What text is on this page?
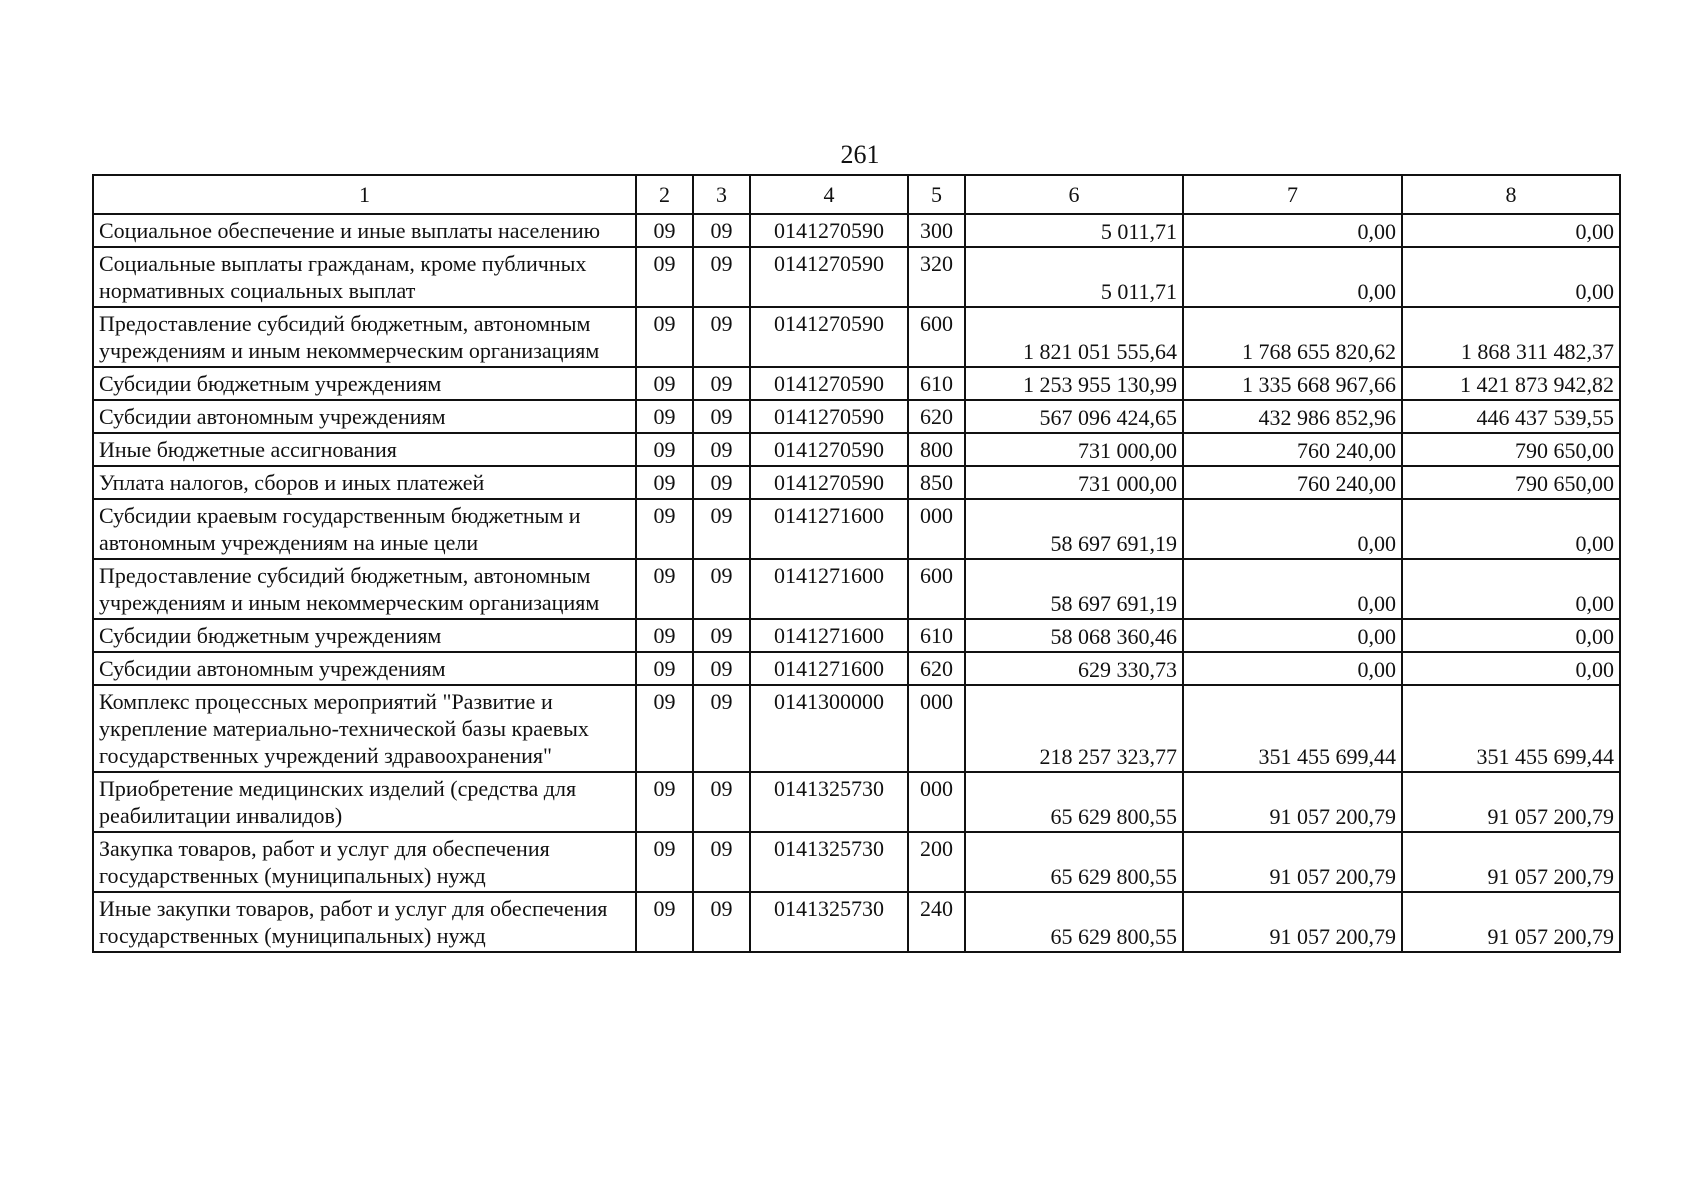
261
1	2	3	4	5	6	7	8
Социальное обеспечение и иные выплаты населению	09	09	0141270590	300	5 011,71	0,00	0,00
Социальные выплаты гражданам, кроме публичных нормативных социальных выплат	09	09	0141270590	320	5 011,71	0,00	0,00
Предоставление субсидий бюджетным, автономным учреждениям и иным некоммерческим организациям	09	09	0141270590	600	1 821 051 555,64	1 768 655 820,62	1 868 311 482,37
Субсидии бюджетным учреждениям	09	09	0141270590	610	1 253 955 130,99	1 335 668 967,66	1 421 873 942,82
Субсидии автономным учреждениям	09	09	0141270590	620	567 096 424,65	432 986 852,96	446 437 539,55
Иные бюджетные ассигнования	09	09	0141270590	800	731 000,00	760 240,00	790 650,00
Уплата налогов, сборов и иных платежей	09	09	0141270590	850	731 000,00	760 240,00	790 650,00
Субсидии краевым государственным бюджетным и автономным учреждениям на иные цели	09	09	0141271600	000	58 697 691,19	0,00	0,00
Предоставление субсидий бюджетным, автономным учреждениям и иным некоммерческим организациям	09	09	0141271600	600	58 697 691,19	0,00	0,00
Субсидии бюджетным учреждениям	09	09	0141271600	610	58 068 360,46	0,00	0,00
Субсидии автономным учреждениям	09	09	0141271600	620	629 330,73	0,00	0,00
Комплекс процессных мероприятий "Развитие и укрепление материально-технической базы краевых государственных учреждений здравоохранения"	09	09	0141300000	000	218 257 323,77	351 455 699,44	351 455 699,44
Приобретение медицинских изделий (средства для реабилитации инвалидов)	09	09	0141325730	000	65 629 800,55	91 057 200,79	91 057 200,79
Закупка товаров, работ и услуг для обеспечения государственных (муниципальных) нужд	09	09	0141325730	200	65 629 800,55	91 057 200,79	91 057 200,79
Иные закупки товаров, работ и услуг для обеспечения государственных (муниципальных) нужд	09	09	0141325730	240	65 629 800,55	91 057 200,79	91 057 200,79
